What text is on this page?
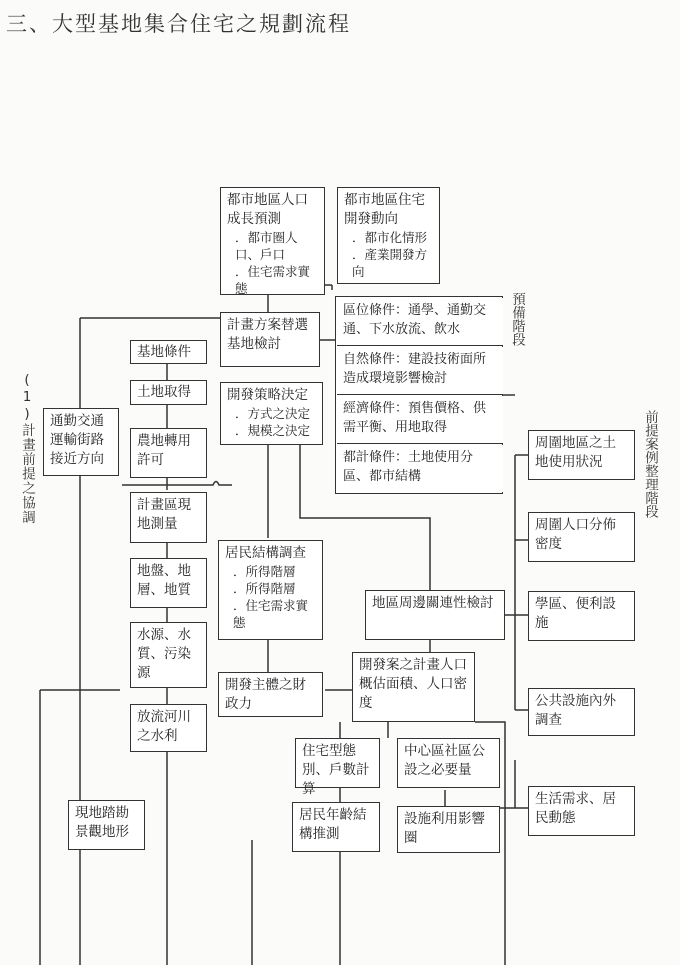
三、大型基地集合住宅之規劃流程
(1)計畫前提之協調
預備階段
前提案例整理階段
都市地區人口成長預測
．都市圈人口、戶口
．住宅需求實態
都市地區住宅開發動向
．都市化情形
．產業開發方向
計畫方案替選基地檢討
區位條件：通學、通勤交通、下水放流、飲水
自然條件：建設技術面所造成環境影響檢討
經濟條件：預售價格、供需平衡、用地取得
都計條件：土地使用分區、都市結構
開發策略決定
．方式之決定
．規模之決定
基地條件
土地取得
農地轉用許可
計畫區現地測量
地盤、地層、地質
水源、水質、污染源
放流河川之水利
通勤交通運輸街路接近方向
現地踏勘景觀地形
居民結構調查
．所得階層
．所得階層
．住宅需求實態
開發主體之財政力
地區周邊關連性檢討
開發案之計畫人口概估面積、人口密度
住宅型態別、戶數計算
中心區社區公設之必要量
居民年齡結構推測
設施利用影響圈
周圍地區之土地使用狀況
周圍人口分佈密度
學區、便利設施
公共設施內外調查
生活需求、居民動態
